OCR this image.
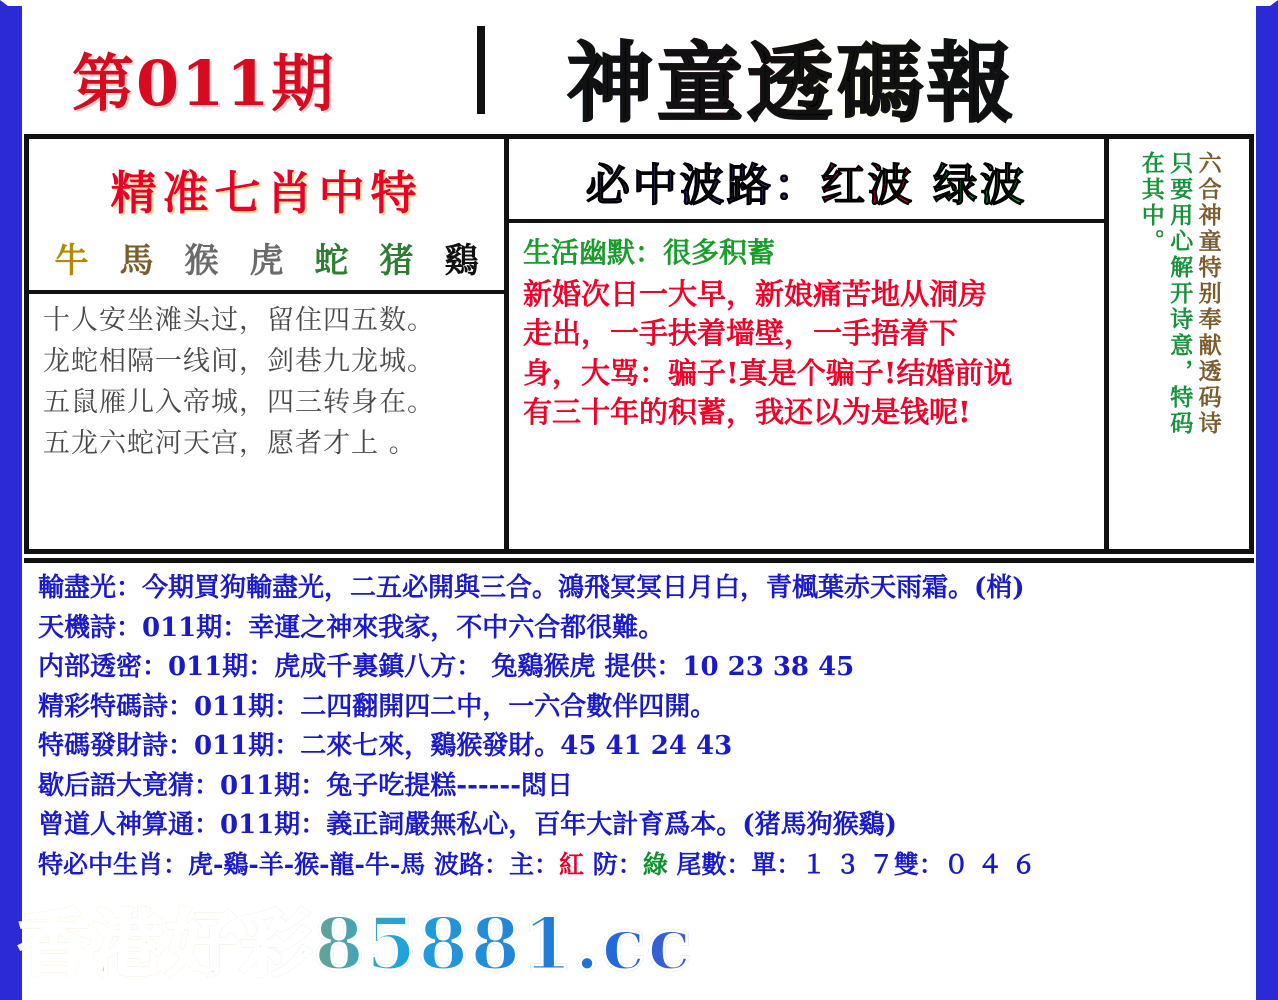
第011期	神童透碼報
精准七肖中特
牛 馬 猴 虎 蛇 猪 鷄
十人安坐滩头过，留住四五数。
龙蛇相隔一线间，剑巷九龙城。
五鼠雁儿入帝城，四三转身在。
五龙六蛇河天宫，愿者才上 。
必中波路：红波 绿波
生活幽默：很多积蓄
新婚次日一大早，新娘痛苦地从洞房
走出，一手扶着墙壁，一手捂着下
身，大骂：骗子!真是个骗子!结婚前说
有三十年的积蓄，我还以为是钱呢!	六合神童特别奉献透码诗
只要用心解开诗意，特码
在其中。
輸盡光：今期買狗輸盡光，二五必開與三合。鴻飛冥冥日月白，青楓葉赤天雨霜。(梢)
天機詩：011期：幸運之神來我家，不中六合都很難。
内部透密：011期：虎成千裏鎮八方： 兔鷄猴虎 提供：10 23 38 45
精彩特碼詩：011期：二四翻開四二中，一六合數伴四開。
特碼發財詩：011期：二來七來，鷄猴發財。45 41 24 43
歇后語大竟猜：011期：兔子吃提糕------悶日
曾道人神算通：011期：義正詞嚴無私心，百年大計育爲本。(猪馬狗猴鷄)
特必中生肖：虎-鷄-羊-猴-龍-牛-馬 波路：主：紅 防：綠 尾數：單：１ ３ ７雙：０ ４ ６
香港好彩85881.cc
